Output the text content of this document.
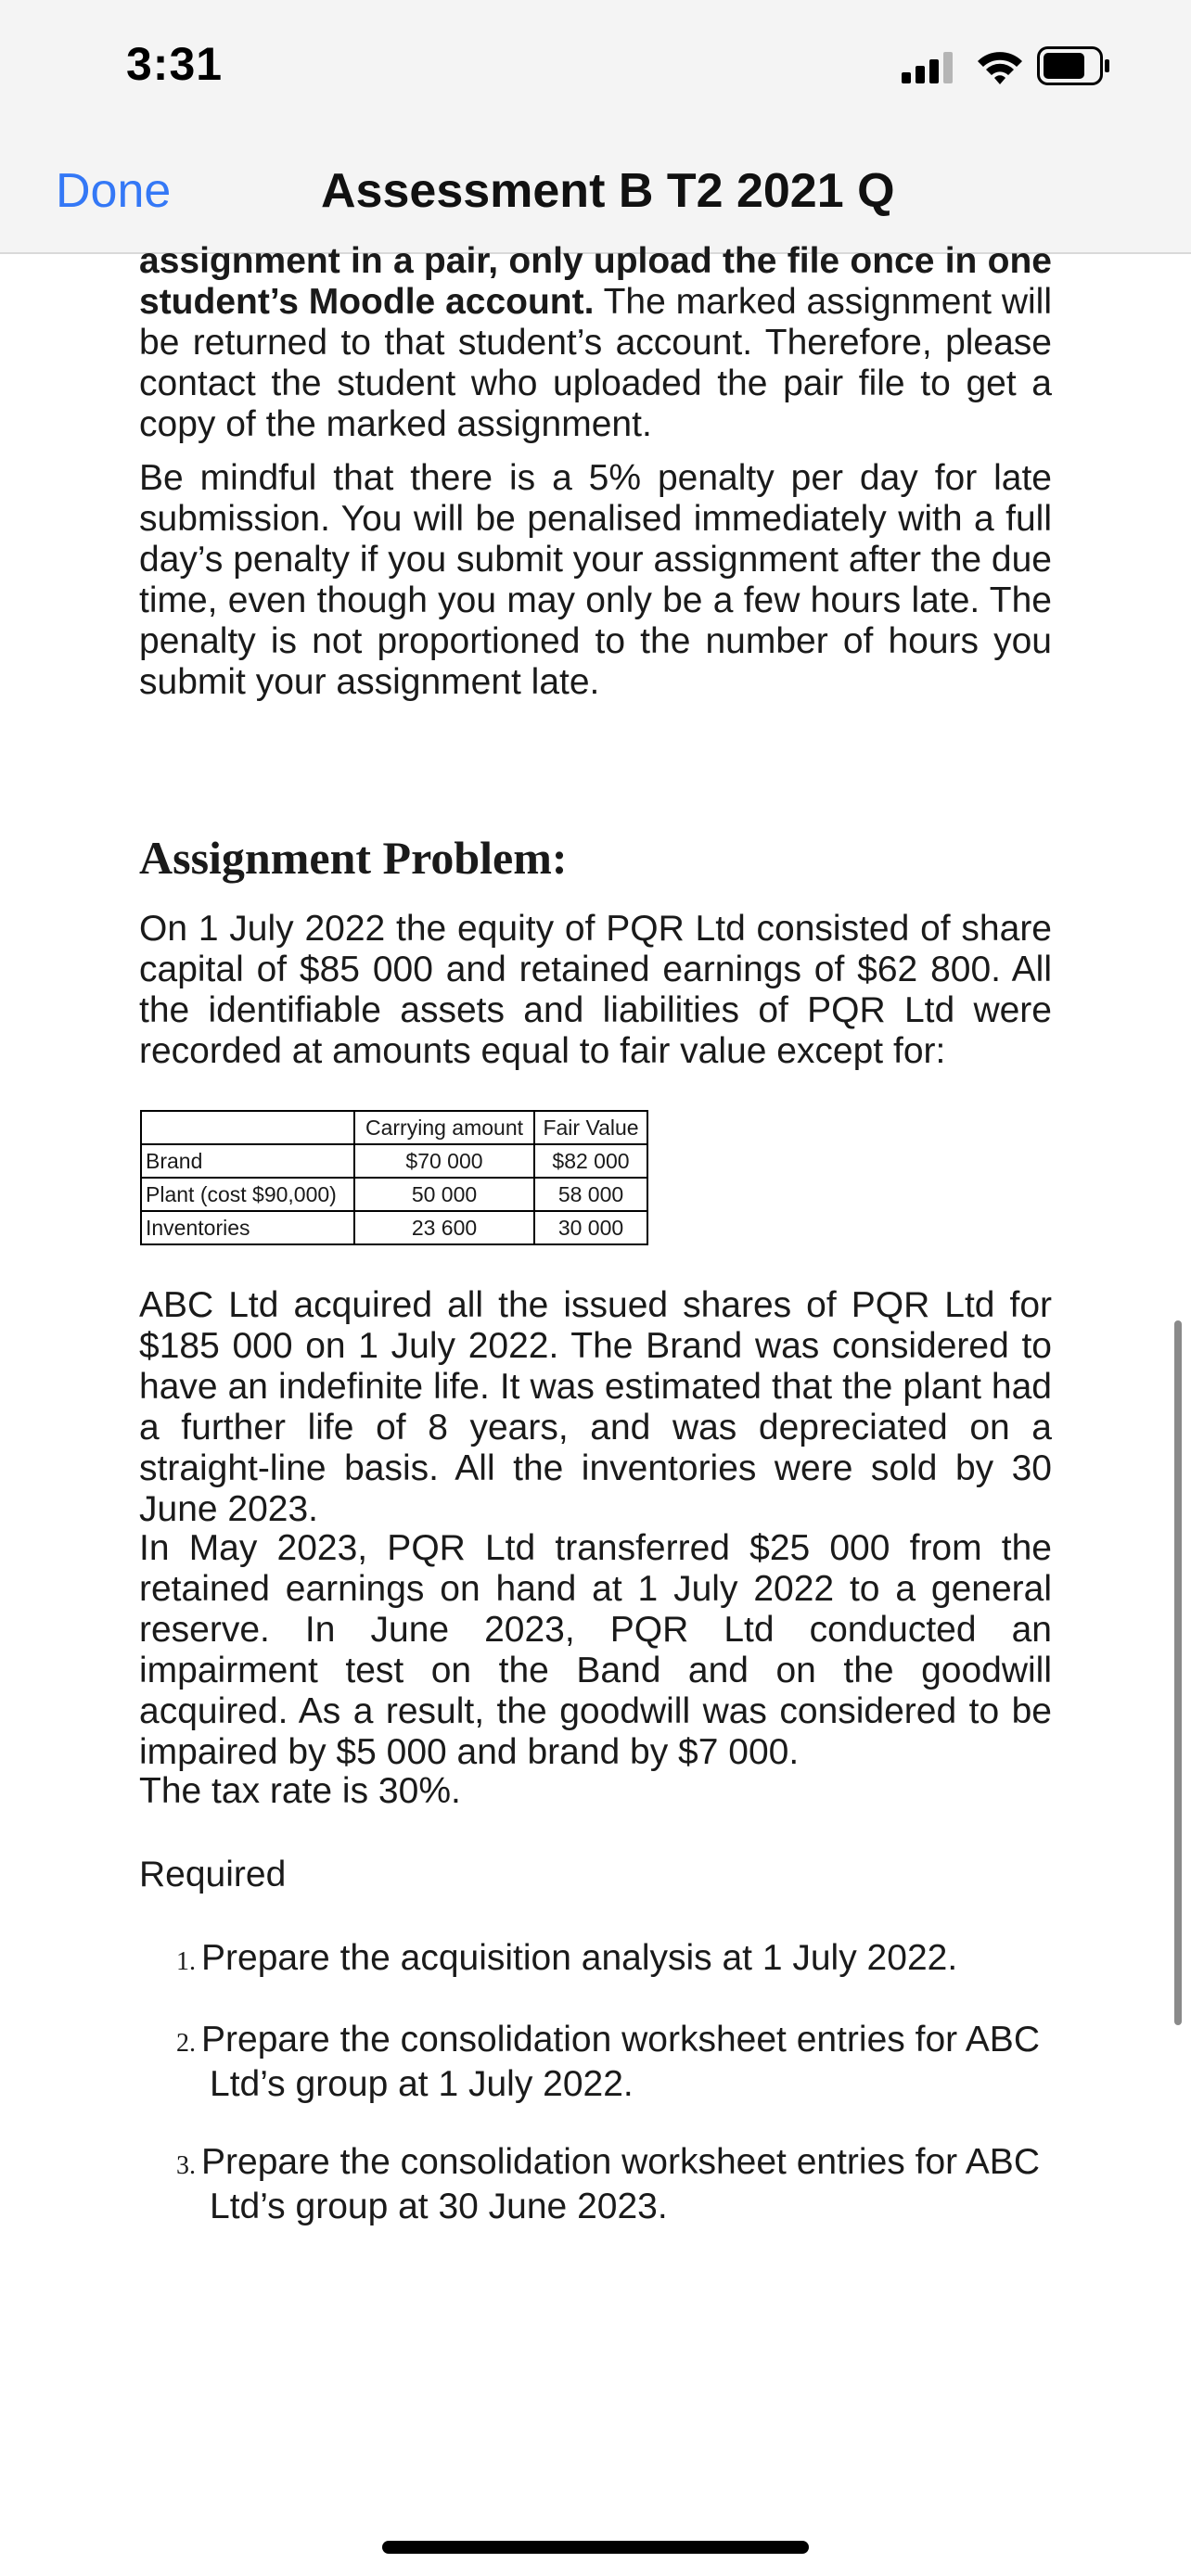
3:31
Done	Assessment B T2 2021 Q
assignment in a pair, only upload the file once in one student’s Moodle account. The marked assignment will be returned to that student’s account. Therefore, please contact the student who uploaded the pair file to get a copy of the marked assignment.
Be mindful that there is a 5% penalty per day for late submission. You will be penalised immediately with a full day’s penalty if you submit your assignment after the due time, even though you may only be a few hours late. The penalty is not proportioned to the number of hours you submit your assignment late.
Assignment Problem:
On 1 July 2022 the equity of PQR Ltd consisted of share capital of $85 000 and retained earnings of $62 800. All the identifiable assets and liabilities of PQR Ltd were recorded at amounts equal to fair value except for:
	Carrying amount	Fair Value
Brand	$70 000	$82 000
Plant (cost $90,000)	50 000	58 000
Inventories	23 600	30 000
ABC Ltd acquired all the issued shares of PQR Ltd for $185 000 on 1 July 2022. The Brand was considered to have an indefinite life. It was estimated that the plant had a further life of 8 years, and was depreciated on a straight-line basis. All the inventories were sold by 30 June 2023.
In May 2023, PQR Ltd transferred $25 000 from the retained earnings on hand at 1 July 2022 to a general reserve. In June 2023, PQR Ltd conducted an impairment test on the Band and on the goodwill acquired. As a result, the goodwill was considered to be impaired by $5 000 and brand by $7 000.
The tax rate is 30%.
Required
1. Prepare the acquisition analysis at 1 July 2022.
2. Prepare the consolidation worksheet entries for ABC
Ltd’s group at 1 July 2022.
3. Prepare the consolidation worksheet entries for ABC
Ltd’s group at 30 June 2023.
